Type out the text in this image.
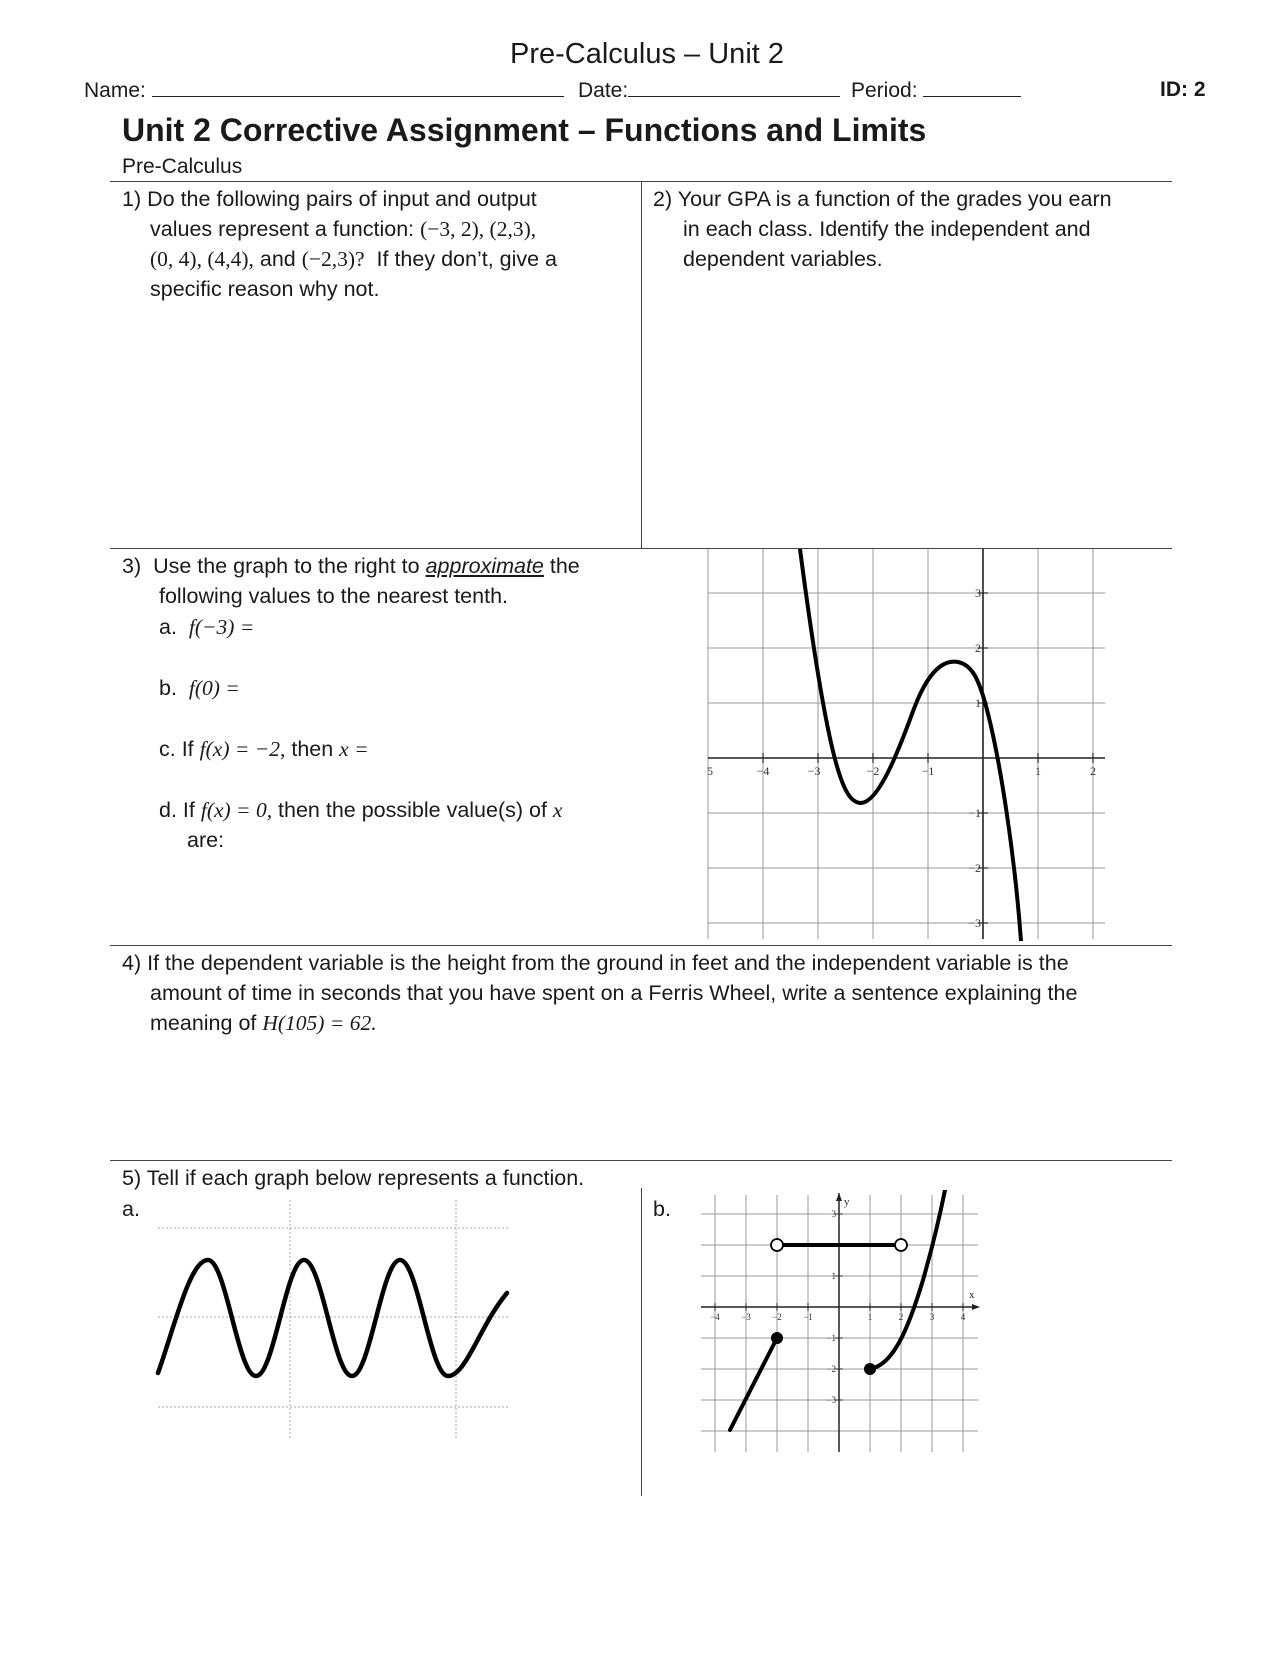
Pre-Calculus – Unit 2
Name:	Date:	Period:	ID: 2
Unit 2 Corrective Assignment – Functions and Limits
Pre-Calculus
1) Do the following pairs of input and output
values represent a function: (−3, 2), (2,3),
(0, 4), (4,4), and (−2,3)?  If they don’t, give a
specific reason why not.
2) Your GPA is a function of the grades you earn
in each class. Identify the independent and
dependent variables.
3) Use the graph to the right to approximate the
following values to the nearest tenth.
a. f(−3) =
b. f(0) =
c. If f(x) = −2, then x =
d. If f(x) = 0, then the possible value(s) of x
are:
5	−4	−3	−2	−1	1	2
3
2
1
−1
−2
−3
4) If the dependent variable is the height from the ground in feet and the independent variable is the
amount of time in seconds that you have spent on a Ferris Wheel, write a sentence explaining the
meaning of H(105) = 62.
5) Tell if each graph below represents a function.
a.	b.
−4 −3 −2 −1	1	2	3	4
3
1
−1
−2
−3
x
y
